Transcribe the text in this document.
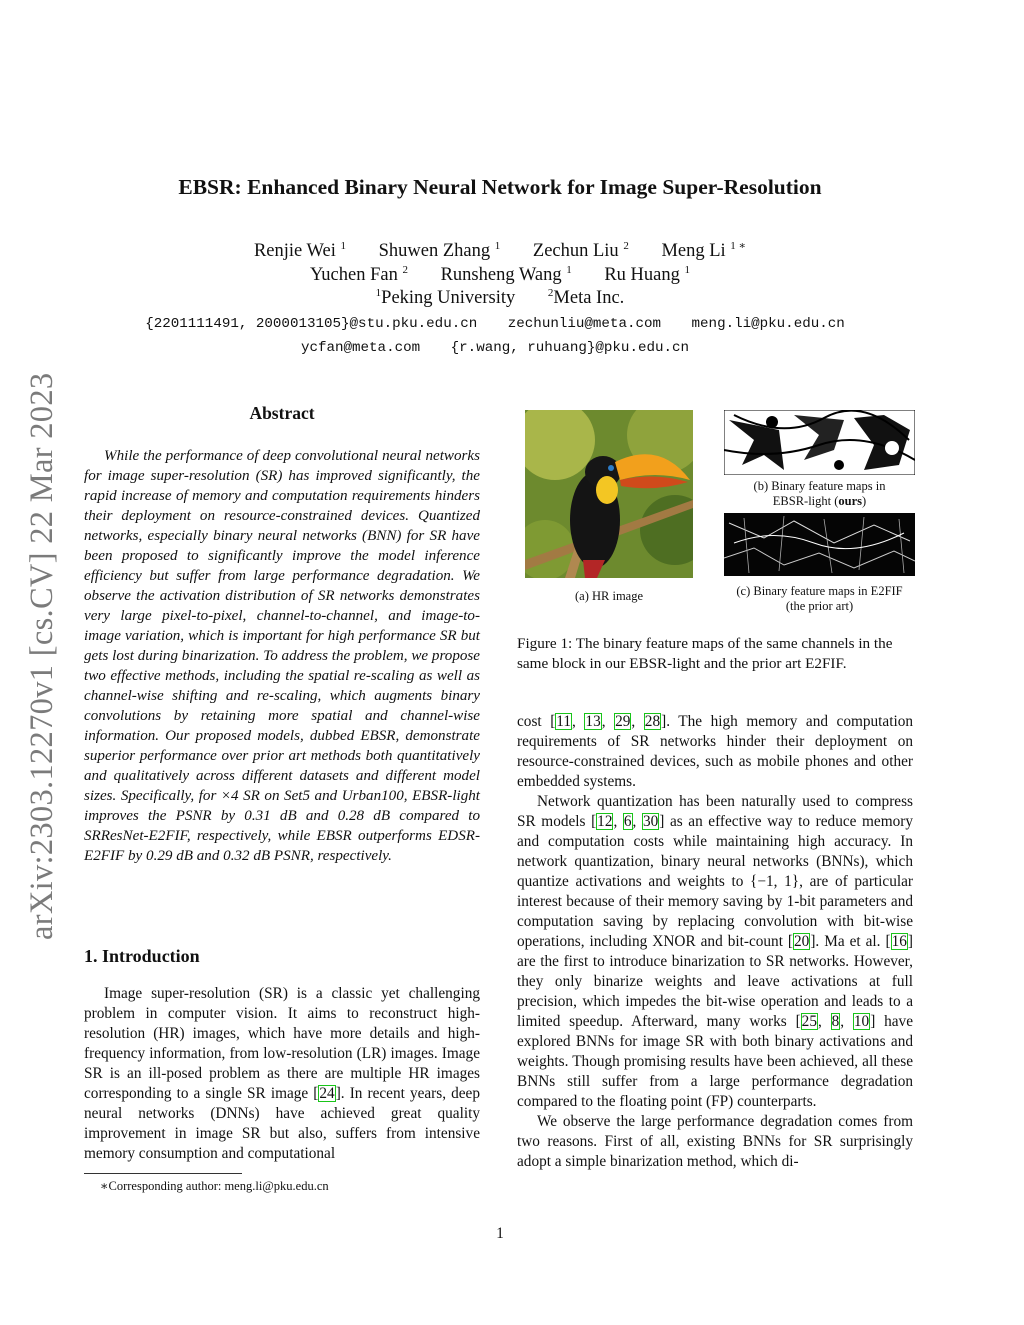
arXiv:2303.12270v1 [cs.CV] 22 Mar 2023
EBSR: Enhanced Binary Neural Network for Image Super-Resolution
Renjie Wei $^1$ Shuwen Zhang $^1$ Zechun Liu $^2$ Meng Li $^{1 ∗}$
Yuchen Fan $^2$ Runsheng Wang $^1$ Ru Huang $^1$
$^1$Peking University	$^2$Meta Inc.
{2201111491, 2000013105}@stu.pku.edu.cn zechunliu@meta.com meng.li@pku.edu.cn
ycfan@meta.com {r.wang, ruhuang}@pku.edu.cn
Abstract

While the performance of deep convolutional neural networks for image super-resolution (SR) has improved significantly, the rapid increase of memory and computation requirements hinders their deployment on resource-constrained devices. Quantized networks, especially binary neural networks (BNN) for SR have been proposed to significantly improve the model inference efficiency but suffer from large performance degradation. We observe the activation distribution of SR networks demonstrates very large pixel-to-pixel, channel-to-channel, and image-to-image variation, which is important for high performance SR but gets lost during binarization. To address the problem, we propose two effective methods, including the spatial re-scaling as well as channel-wise shifting and re-scaling, which augments binary convolutions by retaining more spatial and channel-wise information. Our proposed models, dubbed EBSR, demonstrate superior performance over prior art methods both quantitatively and qualitatively across different datasets and different model sizes. Specifically, for ×4 SR on Set5 and Urban100, EBSR-light improves the PSNR by 0.31 dB and 0.28 dB compared to SRResNet-E2FIF, respectively, while EBSR outperforms EDSR-E2FIF by 0.29 dB and 0.32 dB PSNR, respectively.

1. Introduction

Image super-resolution (SR) is a classic yet challenging problem in computer vision. It aims to reconstruct high-resolution (HR) images, which have more details and high-frequency information, from low-resolution (LR) images. Image SR is an ill-posed problem as there are multiple HR images corresponding to a single SR image [24]. In recent years, deep neural networks (DNNs) have achieved great quality improvement in image SR but also, suffers from intensive memory consumption and computational

∗Corresponding author: meng.li@pku.edu.cn
(b) Binary feature maps in
EBSR-light (ours)
(a) HR image	(c) Binary feature maps in E2FIF
(the prior art)
Figure 1: The binary feature maps of the same channels in the same block in our EBSR-light and the prior art E2FIF.

cost [11, 13, 29, 28]. The high memory and computation requirements of SR networks hinder their deployment on resource-constrained devices, such as mobile phones and other embedded systems.

Network quantization has been naturally used to compress SR models [12, 6, 30] as an effective way to reduce memory and computation costs while maintaining high accuracy. In network quantization, binary neural networks (BNNs), which quantize activations and weights to {−1, 1}, are of particular interest because of their memory saving by 1-bit parameters and computation saving by replacing convolution with bit-wise operations, including XNOR and bit-count [20]. Ma et al. [16] are the first to introduce binarization to SR networks. However, they only binarize weights and leave activations at full precision, which impedes the bit-wise operation and leads to a limited speedup. Afterward, many works [25, 8, 10] have explored BNNs for image SR with both binary activations and weights. Though promising results have been achieved, all these BNNs still suffer from a large performance degradation compared to the floating point (FP) counterparts.

We observe the large performance degradation comes from two reasons. First of all, existing BNNs for SR surprisingly adopt a simple binarization method, which di-

1
